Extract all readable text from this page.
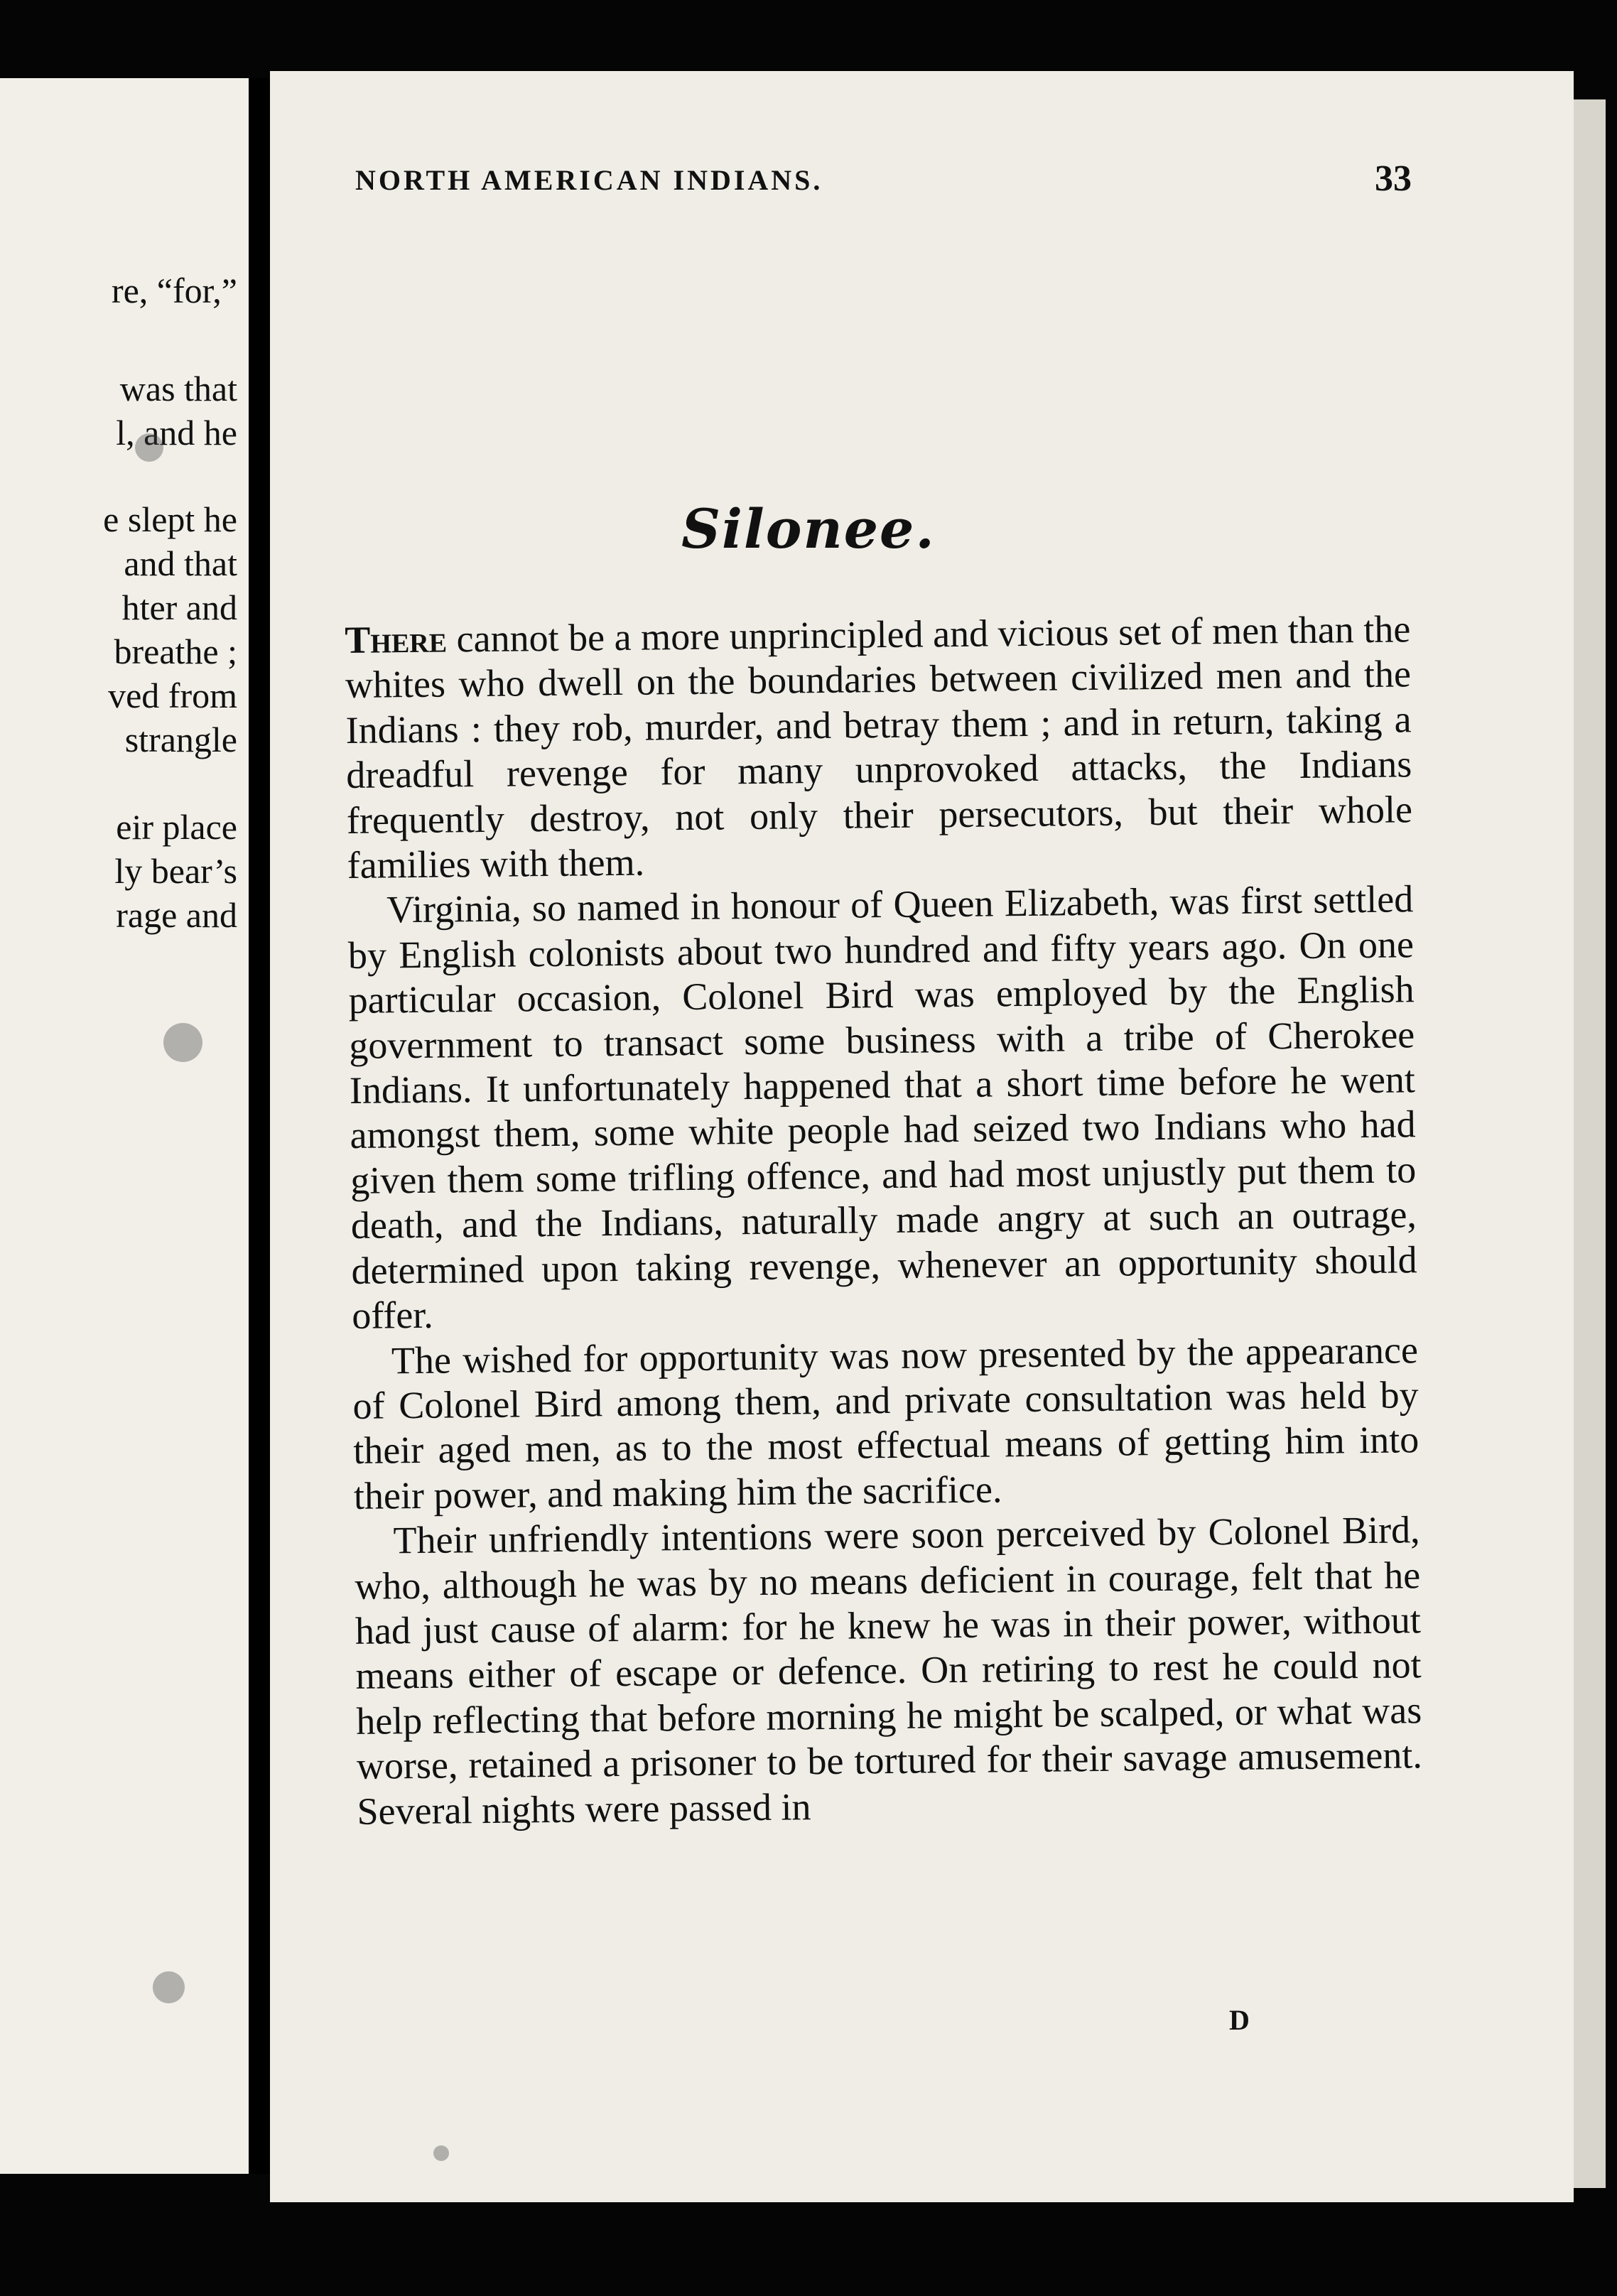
re, “for,”
was that
l, and he
e slept he
and that
hter and
breathe ;
ved from
strangle
eir place
ly bear’s
rage and
NORTH AMERICAN INDIANS.	33
Silonee.

There cannot be a more unprincipled and vicious set of men than the whites who dwell on the boundaries between civilized men and the Indians : they rob, murder, and betray them ; and in return, taking a dreadful revenge for many unprovoked attacks, the Indians frequently destroy, not only their persecutors, but their whole families with them.

Virginia, so named in honour of Queen Elizabeth, was first settled by English colonists about two hundred and fifty years ago. On one particular occasion, Colonel Bird was employed by the English government to transact some business with a tribe of Cherokee Indians. It unfortunately happened that a short time before he went amongst them, some white people had seized two Indians who had given them some trifling offence, and had most unjustly put them to death, and the Indians, naturally made angry at such an outrage, determined upon taking revenge, whenever an opportunity should offer.

The wished for opportunity was now presented by the appearance of Colonel Bird among them, and private consultation was held by their aged men, as to the most effectual means of getting him into their power, and making him the sacrifice.

Their unfriendly intentions were soon perceived by Colonel Bird, who, although he was by no means deficient in courage, felt that he had just cause of alarm: for he knew he was in their power, without means either of escape or defence. On retiring to rest he could not help reflecting that before morning he might be scalped, or what was worse, retained a prisoner to be tortured for their savage amusement. Several nights were passed in

D
